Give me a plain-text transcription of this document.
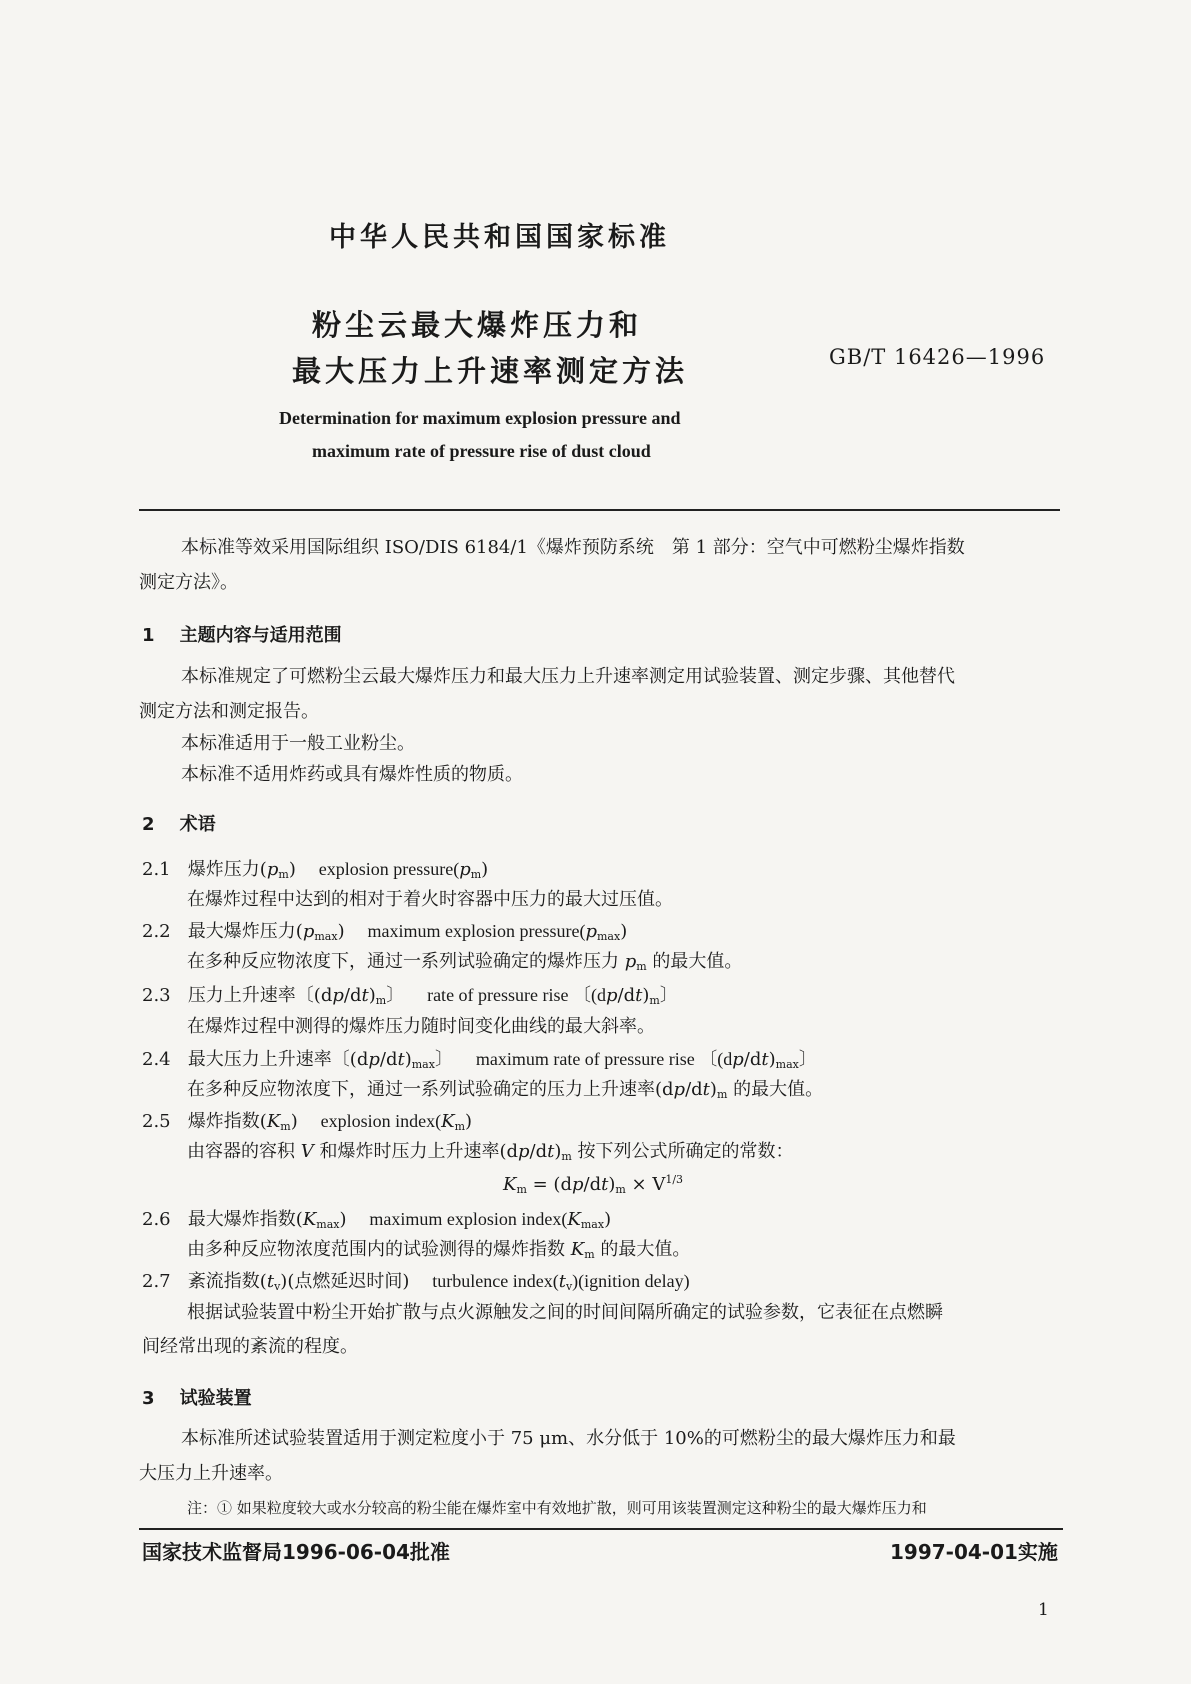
中华人民共和国国家标准
粉尘云最大爆炸压力和
最大压力上升速率测定方法	GB/T 16426—1996
Determination for maximum explosion pressure and
maximum rate of pressure rise of dust cloud
本标准等效采用国际组织 ISO/DIS 6184/1《爆炸预防系统　第 1 部分：空气中可燃粉尘爆炸指数
测定方法》。
1 主题内容与适用范围
本标准规定了可燃粉尘云最大爆炸压力和最大压力上升速率测定用试验装置、测定步骤、其他替代
测定方法和测定报告。
本标准适用于一般工业粉尘。
本标准不适用炸药或具有爆炸性质的物质。
2 术语
2.1 爆炸压力$(p_m)$    explosion $pressure(p_m)$
在爆炸过程中达到的相对于着火时容器中压力的最大过压值。
2.2 最大爆炸压力$(p_{max})$    maximum explosion $pressure(p_{max})$
在多种反应物浓度下，通过一系列试验确定的爆炸压力 $p_m$ 的最大值。
2.3 压力上升速率〔$(dp/dt)_m$〕    rate of pressure rise 〔$(dp/dt)_m$〕
在爆炸过程中测得的爆炸压力随时间变化曲线的最大斜率。
2.4 最大压力上升速率〔$(dp/dt)_{max}$〕    maximum rate of pressure rise 〔$(dp/dt)_{max}$〕
在多种反应物浓度下，通过一系列试验确定的压力上升速率$(dp/dt)_m$ 的最大值。
2.5 爆炸指数$(K_m)$    explosion $index(K_m)$
由容器的容积 V 和爆炸时压力上升速率$(dp/dt)_m$ 按下列公式所确定的常数：
$K_m = (dp/dt)_m \times V^{1/3}$
2.6 最大爆炸指数$(K_{max})$    maximum explosion $index(K_{max})$
由多种反应物浓度范围内的试验测得的爆炸指数 $K_m$ 的最大值。
2.7 紊流指数$(t_v)$(点燃延迟时间) turbulence $index(t_v)(ignition$ delay)
根据试验装置中粉尘开始扩散与点火源触发之间的时间间隔所确定的试验参数，它表征在点燃瞬
间经常出现的紊流的程度。
3 试验装置
本标准所述试验装置适用于测定粒度小于 75 μm、水分低于 10%的可燃粉尘的最大爆炸压力和最
大压力上升速率。
注：① 如果粒度较大或水分较高的粉尘能在爆炸室中有效地扩散，则可用该装置测定这种粉尘的最大爆炸压力和
国家技术监督局1996-06-04批准	1997-04-01实施
1
